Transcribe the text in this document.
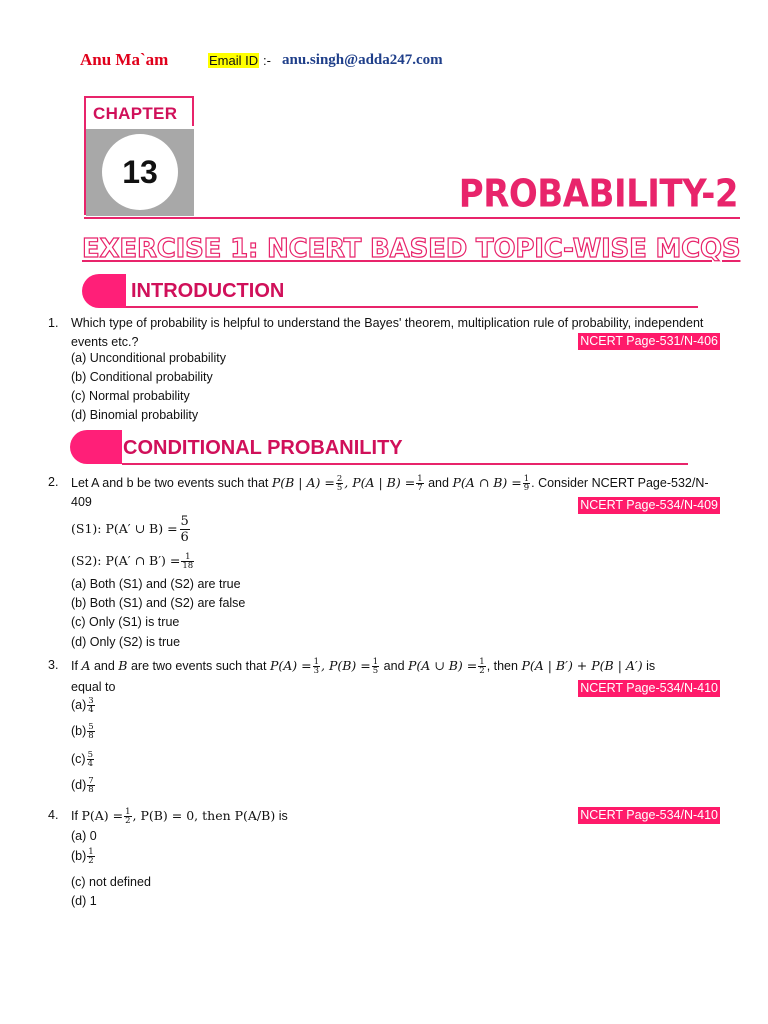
Anu Ma`am	Email ID :- anu.singh@adda247.com
CHAPTER
13
PROBABILITY-2
EXERCISE 1: NCERT BASED TOPIC-WISE MCQS
INTRODUCTION
1.	Which type of probability is helpful to understand the Bayes' theorem, multiplication rule of probability, independent events etc.?	NCERT Page-531/N-406
(a) Unconditional probability
(b) Conditional probability
(c) Normal probability
(d) Binomial probability
CONDITIONAL PROBANILITY
2.	Let A and b be two events such that P(B | $A) = \frac{2}{5}$ , P(A | $B) = \frac{1}{7}$ and P(A ∩ $B) = \frac{1}{9}$ . Consider NCERT Page-532/N-409	NCERT Page-534/N-409
(S1): P(A′ ∪ $B) = \frac{5}{6}$
(S2): P(A′ ∩ $B') = \frac{1}{18}$
(a) Both (S1) and (S2) are true
(b) Both (S1) and (S2) are false
(c) Only (S1) is true
(d) Only (S2) is true
3.	If A and B are two events such that $P(A) = \frac{1}{3}$ , $P(B) = \frac{1}{5}$ and P(A ∪ $B) = \frac{1}{2}$ , then P(A | B′) + P(B | A′) is
equal to	NCERT Page-534/N-410
$(a) \frac{3}{4}$
$(b) \frac{5}{8}$
$(c) \frac{5}{4}$
$(d) \frac{7}{8}$
4.	If $P(A) = \frac{1}{2}$ , P(B) = 0, then P(A/B) is	NCERT Page-534/N-410
(a) 0
$(b) \frac{1}{2}$
(c) not defined
(d) 1
